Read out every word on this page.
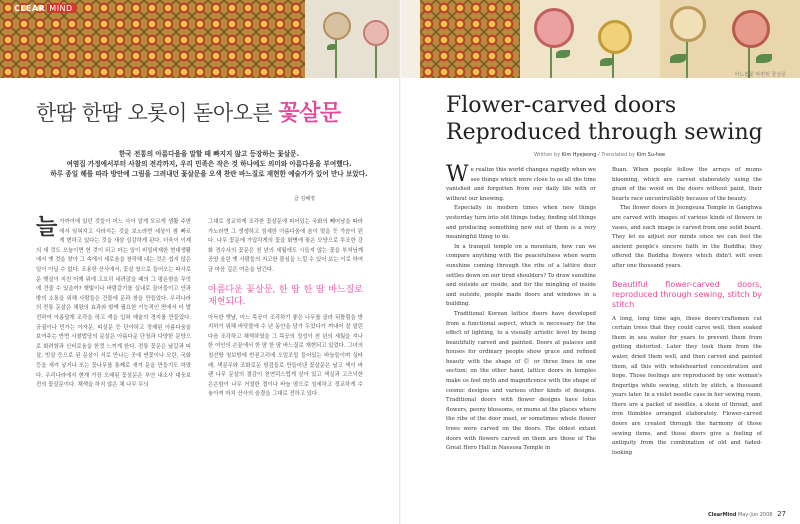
CLEAR MIND
어느절꽃 마련된 꽃살문
한땀 한땀 오롯이 돋아오른 꽃살문
한국 전통의 아름다움을 말할 때 빠지지 않고 등장하는 꽃살문.
여염집 가정에서부터 사찰의 전각까지, 우리 민족은 작은 것 하나에도 의미와 아름다움을 부여했다.
하루 종일 해를 따라 방안에 그림을 그려내던 꽃살문을 오색 찬란 바느질로 재현한 예술가가 있어 만나 보았다.
글 김혜정
늘가까이에 있던 것들이 어느 사이 알게 모르게 생활 주변에서 잊혀지고 사라지는 것을 보노라면 세상이 참 빠르게 변하고 있다는 것을 새삼 실감하게 된다. 더욱이 이제의 새 것도 오늘이면 헌 것이 되고 마는 일이 비일비재한 현대생활에서 옛 것을 찾아 그 속에서 새로움을 창작해 내는 것은 쉽지 않은 일이 아닐 수 없다. 조용한 산사에서, 꽃살 창으로 들어오는 따사로운 햇살이 지친 어깨 위에 고요히 내려앉을 때의 그 평온함을 무엇에 견줄 수 있을까? 햇빛이나 바람같기를 실내로 끌어들이고 안과 밖의 소통을 위해 사람들은 건물에 문과 창을 만들었다. 우리나라의 전통 문살은 채광의 효과와 함께 필요한 기능적인 면에서 더 발전하여 아름답게 조각을 하고 색을 입혀 예술의 경지를 만들었다. 궁궐이나 민가는 아자문, 띠살문 등 단아하고 정제된 아름다움을 보여주는 반면 사찰법당의 문살은 아름다운 단청과 다양한 문양으로 화려함과 신비로움을 한껏 느끼게 한다. 전통 꽃문은 날갈과 띠살, 빗살 등으로 된 문살이 서로 만나는 곳에 연꽃이나 모란, 국화 등을 새겨 넣거나 또는 꽃나무를 통째로 새겨 문을 만들기도 하였다. 우리나라에서 현재 가장 오래된 꽃살문은 부안 내소사 대웅보전의 꽃살문이다. 채색을 하지 않은 채 나무 무늬

그대로 정교하게 조각한 꽃살문에 피어있는 국화의 빼어남을 따라 가노라면 그 생생하고 섬세한 아름다움에 숨이 멎을 듯 가슴이 뛴다. 나무 꽃문에 가압각게의 꽃을 화병에 꽂은 모양으로 투조한 강화 정수사의 꽃문은 천 년의 세월에도 시들지 않는 꽃을 부처님께 공양 올린 옛 사람들의 지고한 불심을 느낄 수 있어 보는 이로 하여금 마음 깊은 여운을 남긴다.

아름다운 꽃살문, 한 땀 한 땀 바느질로 재현되다.

아득한 옛날, 어느 목공이 조각하기 좋은 나무를 골라 뒤틀림을 방지하기 위해 바닷물에 수 년 동안을 담가 두었다가 꺼내어 잘 말린 다음 조각하고 채색하였을 그 목공의 정성이 천 년의 세월을 지나 한 여인의 손끝에서 한 땀 한 땀 바느질로 재현되고 있었다. 그녀의 침선방 청보방에 반짇고리에 오밀조밀 들어있는 바늘들이며 실타래, 색골무와 조화로운 헝겊들로 만들어낸 꽃살문은 날고 색이 바랜 나무 문살의 결감이 천연덕스럽게 살아 있고 색실과 고즈넉한 은은함이 나무 거칠한 결이나 바늘 땀으로 섬세하고 정교하게 수 놓아져 마치 산사의 숨결을 그대로 전하고 있다.

Flower-carved doors
Reproduced through sewing
Written by Kim Hyejeong / Translated by Kim Su-hee

We realize this world changes rapidly when we see things which were close to us all the time vanished and forgotten from our daily life with or without our knowing.

Especially in modern times when new things yesterday turn into old things today, finding old things and producing something new out of them is a very meaningful thing to do.

In a tranquil temple on a mountain, how can we compare anything with the peacefulness when warm sunshine coming through the ribs of a lattice door settles down on our tired shoulders? To draw sunshine and outside air inside, and for the mingling of inside and outside, people made doors and windows in a building.

Traditional Korean lattice doors have developed from a functional aspect, which is necessary for the effect of lighting, to a visually artistic level by being beautifully carved and painted. Doors at palaces and houses for ordinary people show grace and refined beauty with the shape of 亞 or three lines in one section; on the other hand, lattice doors in temples make us feel myth and magnificence with the shape of cosmic designs and various other kinds of designs. Traditional doors with flower designs have lotus flowers, peony blossoms, or mums at the places where the ribs of the door meet, or sometimes whole flower trees were carved on the doors. The oldest extant doors with flowers carved on them are those of The Great Hero Hall in Naesosa Temple in

Buan. When people follow the arrays of mums blooming, which are carved elaborately using the grain of the wood on the doors without paint, their hearts race uncontrollably because of the beauty.

The flower doors in Jeongsusa Temple in Ganghwa are carved with images of various kinds of flowers in vases, and each image is carved from one solid board. They let us adjust our minds since we can feel the ancient people's sincere faith in the Buddha; they offered the Buddha flowers which didn't wilt even after one thousand years.

Beautiful flower-carved doors, reproduced through sewing, stitch by stitch

A long, long time ago, these doors'craftsmen cut certain trees that they could carve well, then soaked them in sea water for years to prevent them from getting distorted. Later they took them from the water, dried them well, and then carved and painted them, all this with wholehearted concentration and hope. Those feelings are reproduced by one woman's fingertips while sewing, stitch by stitch, a thousand years later. In a violet needle case in her sewing room, there are a packet of needles, a skein of thread, and iron thimbles arranged elaborately. Flower-carved doors are created through the harmony of those sewing items, and those doors give a feeling of antiquity from the combination of old and faded-looking

ClearMind May-Jun 2008 27
